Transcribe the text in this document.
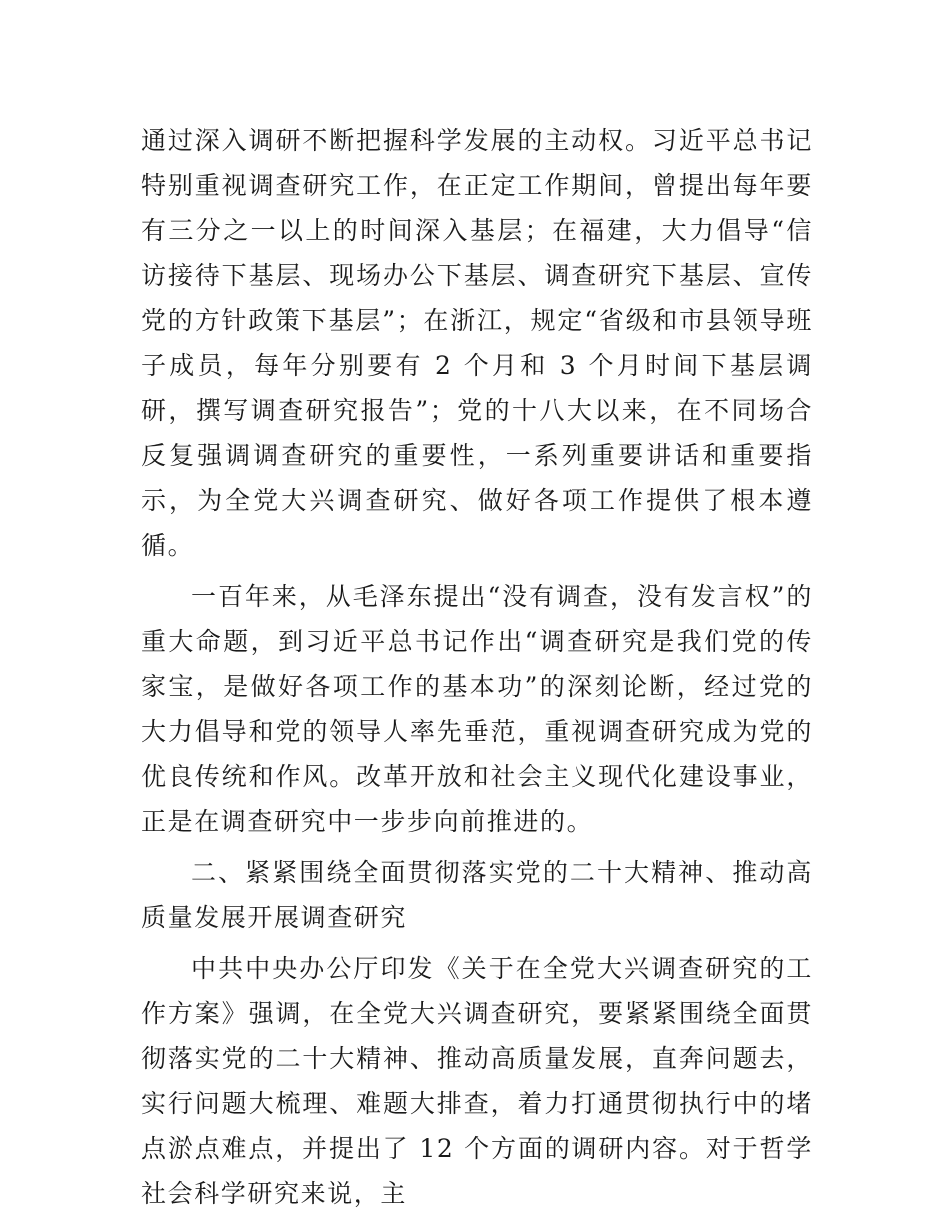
通过深入调研不断把握科学发展的主动权。习近平总书记特别重视调查研究工作，在正定工作期间，曾提出每年要有三分之一以上的时间深入基层；在福建，大力倡导“信访接待下基层、现场办公下基层、调查研究下基层、宣传党的方针政策下基层”；在浙江，规定“省级和市县领导班子成员，每年分别要有 2 个月和 3 个月时间下基层调研，撰写调查研究报告”；党的十八大以来，在不同场合反复强调调查研究的重要性，一系列重要讲话和重要指示，为全党大兴调查研究、做好各项工作提供了根本遵循。

一百年来，从毛泽东提出“没有调查，没有发言权”的重大命题，到习近平总书记作出“调查研究是我们党的传家宝，是做好各项工作的基本功”的深刻论断，经过党的大力倡导和党的领导人率先垂范，重视调查研究成为党的优良传统和作风。改革开放和社会主义现代化建设事业，正是在调查研究中一步步向前推进的。

二、紧紧围绕全面贯彻落实党的二十大精神、推动高质量发展开展调查研究

中共中央办公厅印发《关于在全党大兴调查研究的工作方案》强调，在全党大兴调查研究，要紧紧围绕全面贯彻落实党的二十大精神、推动高质量发展，直奔问题去，实行问题大梳理、难题大排查，着力打通贯彻执行中的堵点淤点难点，并提出了 12 个方面的调研内容。对于哲学社会科学研究来说，主
